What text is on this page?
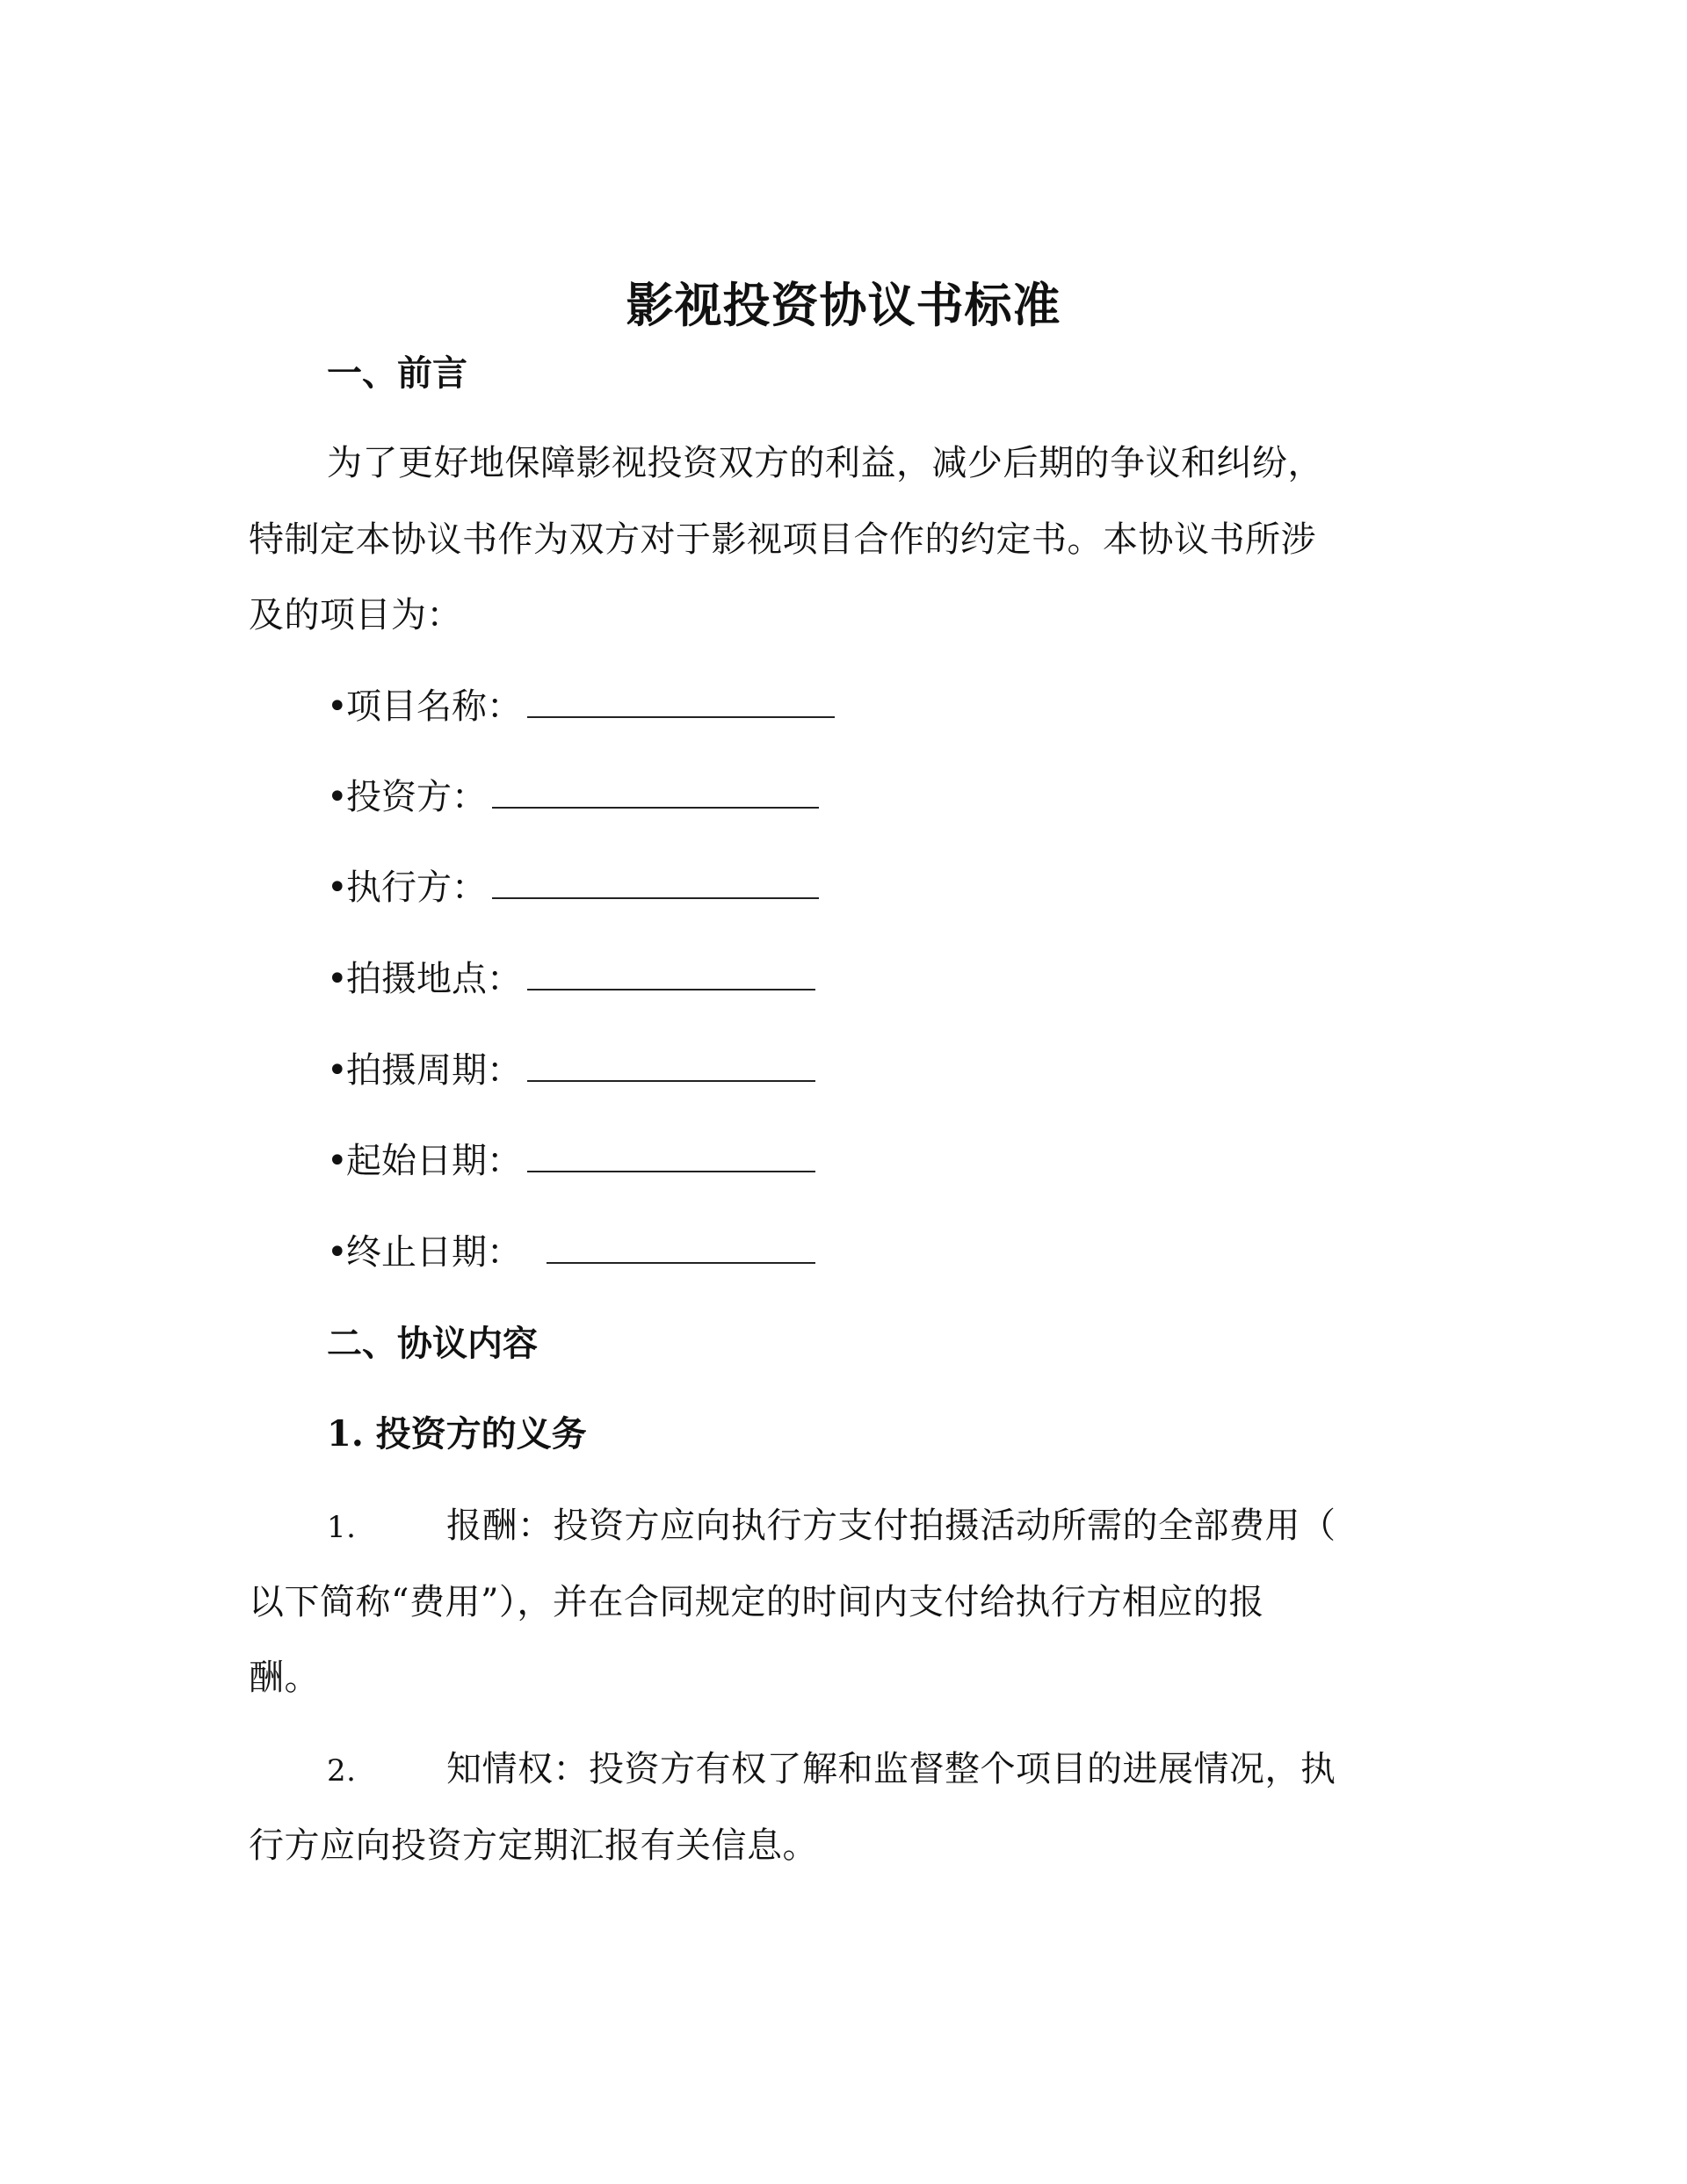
影视投资协议书标准
一、前言
为了更好地保障影视投资双方的利益，减少后期的争议和纠纷，
特制定本协议书作为双方对于影视项目合作的约定书。本协议书所涉
及的项目为：
•
项目名称：
•
投资方：
•
执行方：
•
拍摄地点：
•
拍摄周期：
•
起始日期：
•
终止日期：
二、协议内容
1. 投资方的义务
1.	报酬：投资方应向执行方支付拍摄活动所需的全部费用（
以下简称“费用”），并在合同规定的时间内支付给执行方相应的报
酬。
2.	知情权：投资方有权了解和监督整个项目的进展情况，执
行方应向投资方定期汇报有关信息。
